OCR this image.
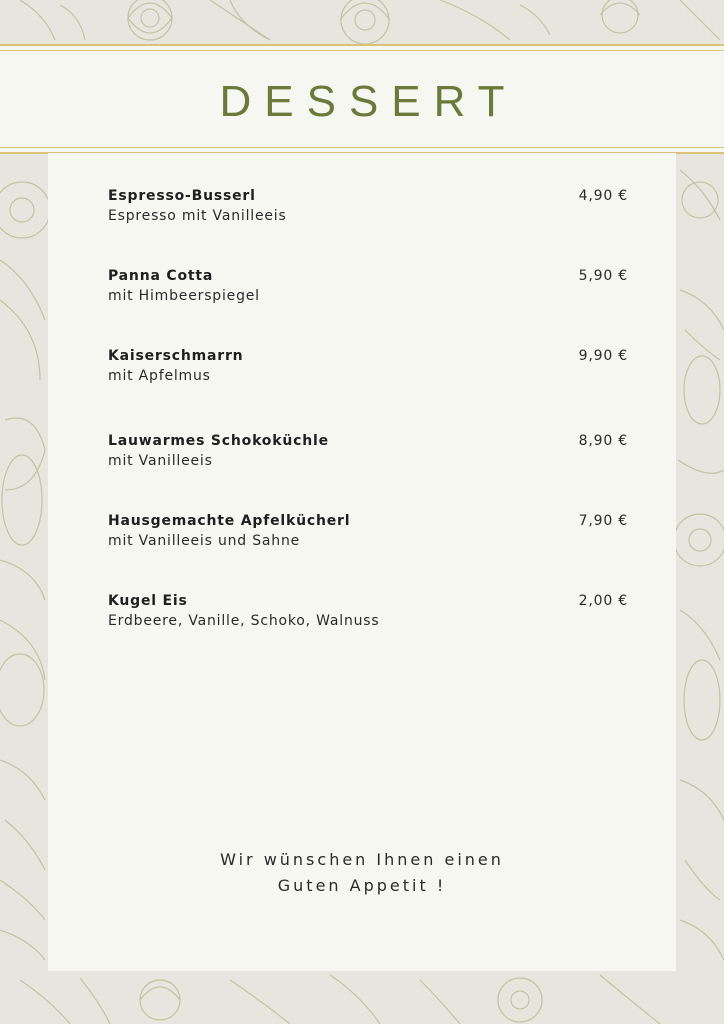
DESSERT
Espresso-Busserl
Espresso mit Vanilleeis
4,90 €
Panna Cotta
mit Himbeerspiegel
5,90 €
Kaiserschmarrn
mit Apfelmus
9,90 €
Lauwarmes Schokoküchle
mit Vanilleeis
8,90 €
Hausgemachte Apfelkücherl
mit Vanilleeis und Sahne
7,90 €
Kugel Eis
Erdbeere, Vanille, Schoko, Walnuss
2,00 €
Wir wünschen Ihnen einen
Guten Appetit !
